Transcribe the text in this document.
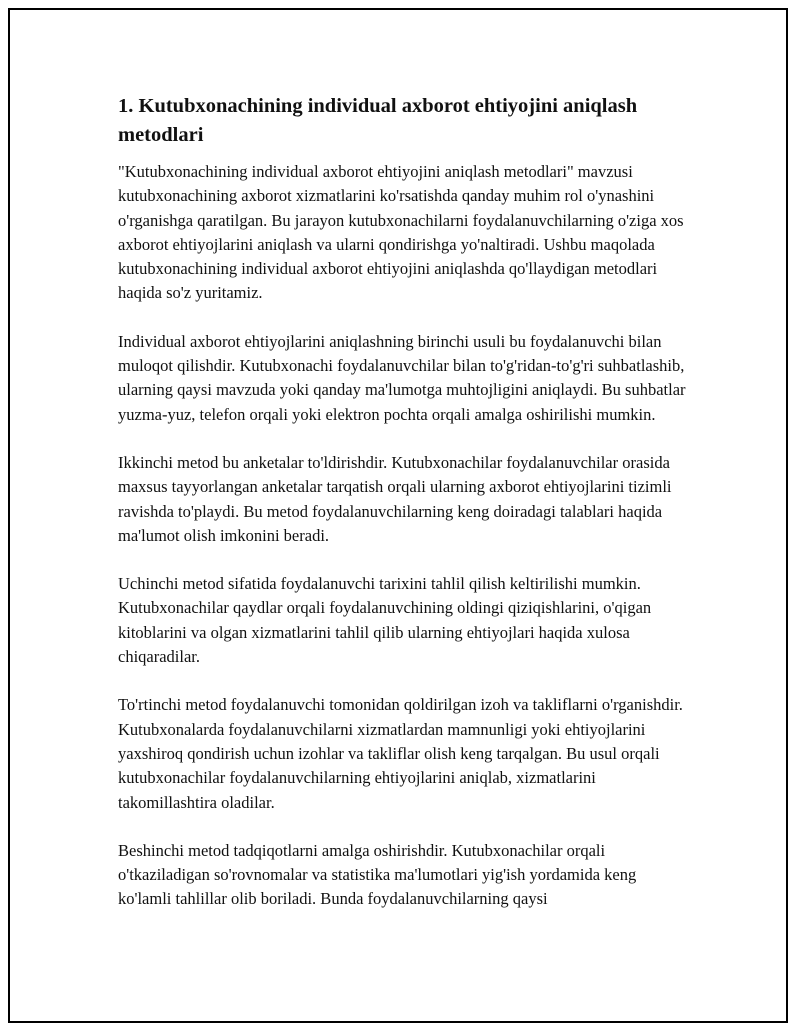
1. Kutubxonachining individual axborot ehtiyojini aniqlash metodlari

"Kutubxonachining individual axborot ehtiyojini aniqlash metodlari" mavzusi kutubxonachining axborot xizmatlarini ko'rsatishda qanday muhim rol o'ynashini o'rganishga qaratilgan. Bu jarayon kutubxonachilarni foydalanuvchilarning o'ziga xos axborot ehtiyojlarini aniqlash va ularni qondirishga yo'naltiradi. Ushbu maqolada kutubxonachining individual axborot ehtiyojini aniqlashda qo'llaydigan metodlari haqida so'z yuritamiz.

Individual axborot ehtiyojlarini aniqlashning birinchi usuli bu foydalanuvchi bilan muloqot qilishdir. Kutubxonachi foydalanuvchilar bilan to'g'ridan-to'g'ri suhbatlashib, ularning qaysi mavzuda yoki qanday ma'lumotga muhtojligini aniqlaydi. Bu suhbatlar yuzma-yuz, telefon orqali yoki elektron pochta orqali amalga oshirilishi mumkin.

Ikkinchi metod bu anketalar to'ldirishdir. Kutubxonachilar foydalanuvchilar orasida maxsus tayyorlangan anketalar tarqatish orqali ularning axborot ehtiyojlarini tizimli ravishda to'playdi. Bu metod foydalanuvchilarning keng doiradagi talablari haqida ma'lumot olish imkonini beradi.

Uchinchi metod sifatida foydalanuvchi tarixini tahlil qilish keltirilishi mumkin. Kutubxonachilar qaydlar orqali foydalanuvchining oldingi qiziqishlarini, o'qigan kitoblarini va olgan xizmatlarini tahlil qilib ularning ehtiyojlari haqida xulosa chiqaradilar.

To'rtinchi metod foydalanuvchi tomonidan qoldirilgan izoh va takliflarni o'rganishdir. Kutubxonalarda foydalanuvchilarni xizmatlardan mamnunligi yoki ehtiyojlarini yaxshiroq qondirish uchun izohlar va takliflar olish keng tarqalgan. Bu usul orqali kutubxonachilar foydalanuvchilarning ehtiyojlarini aniqlab, xizmatlarini takomillashtira oladilar.

Beshinchi metod tadqiqotlarni amalga oshirishdir. Kutubxonachilar orqali o'tkaziladigan so'rovnomalar va statistika ma'lumotlari yig'ish yordamida keng ko'lamli tahlillar olib boriladi. Bunda foydalanuvchilarning qaysi
